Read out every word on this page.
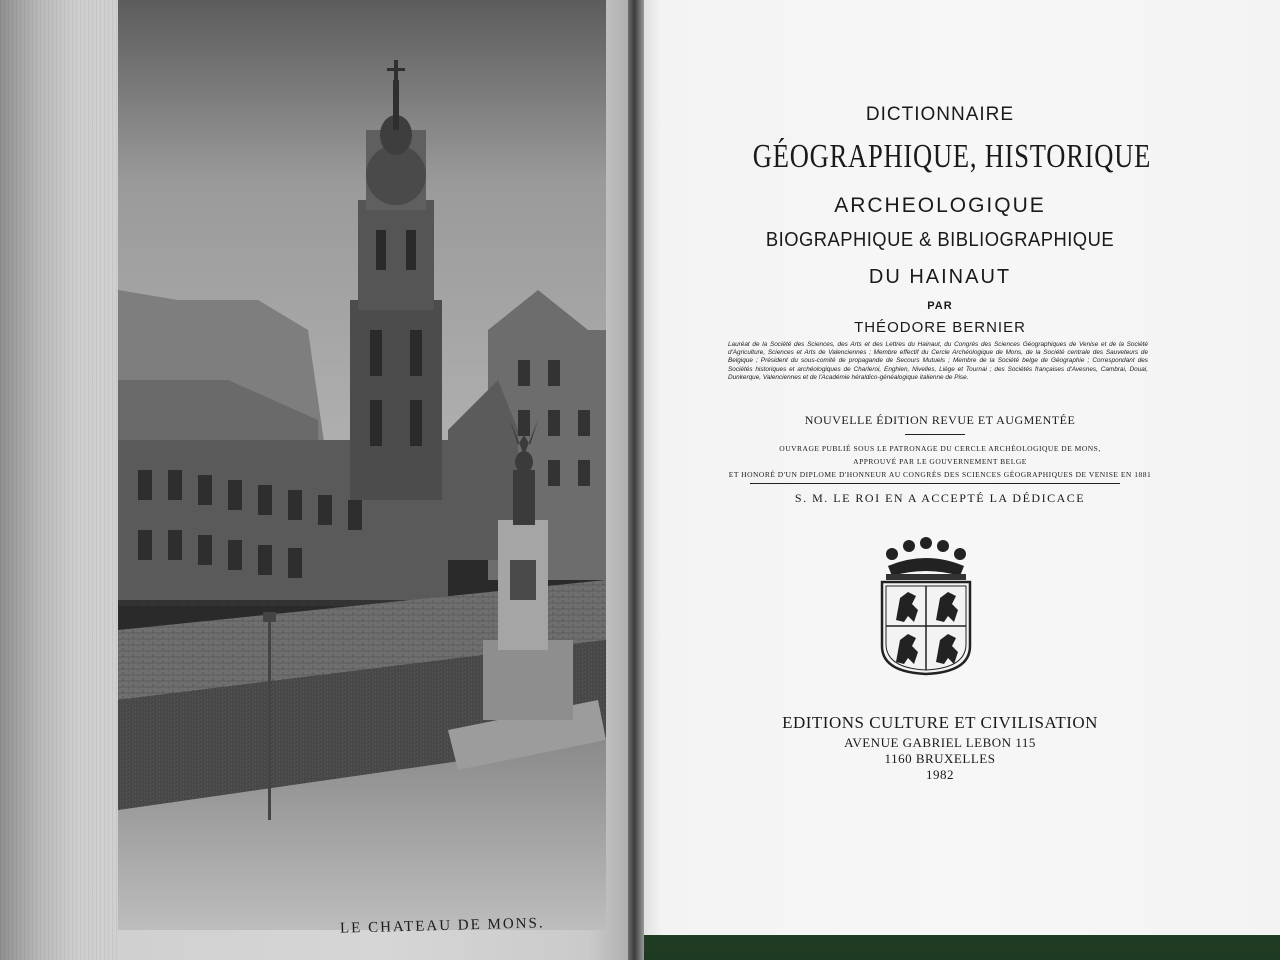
LE CHATEAU DE MONS.
DICTIONNAIRE
GÉOGRAPHIQUE, HISTORIQUE
ARCHEOLOGIQUE
BIOGRAPHIQUE & BIBLIOGRAPHIQUE
DU HAINAUT
PAR
THÉODORE BERNIER
Lauréat de la Société des Sciences, des Arts et des Lettres du Hainaut, du Congrès des Sciences Géographiques de Venise et de la Société d'Agriculture, Sciences et Arts de Valenciennes ; Membre effectif du Cercle Archéologique de Mons, de la Société centrale des Sauveteurs de Belgique ; Président du sous-comité de propagande de Secours Mutuels ; Membre de la Société belge de Géographie ; Correspondant des Sociétés historiques et archéologiques de Charleroi, Enghien, Nivelles, Liége et Tournai ; des Sociétés françaises d'Avesnes, Cambrai, Douai, Dunkerque, Valenciennes et de l'Académie héraldico-généalogique italienne de Pise.
NOUVELLE ÉDITION REVUE ET AUGMENTÉE
OUVRAGE PUBLIÉ SOUS LE PATRONAGE DU CERCLE ARCHÉOLOGIQUE DE MONS,
APPROUVÉ PAR LE GOUVERNEMENT BELGE
ET HONORÉ D'UN DIPLOME D'HONNEUR AU CONGRÈS DES SCIENCES GÉOGRAPHIQUES DE VENISE EN 1881
S. M. LE ROI EN A ACCEPTÉ LA DÉDICACE
EDITIONS CULTURE ET CIVILISATION
AVENUE GABRIEL LEBON 115
1160 BRUXELLES
1982
